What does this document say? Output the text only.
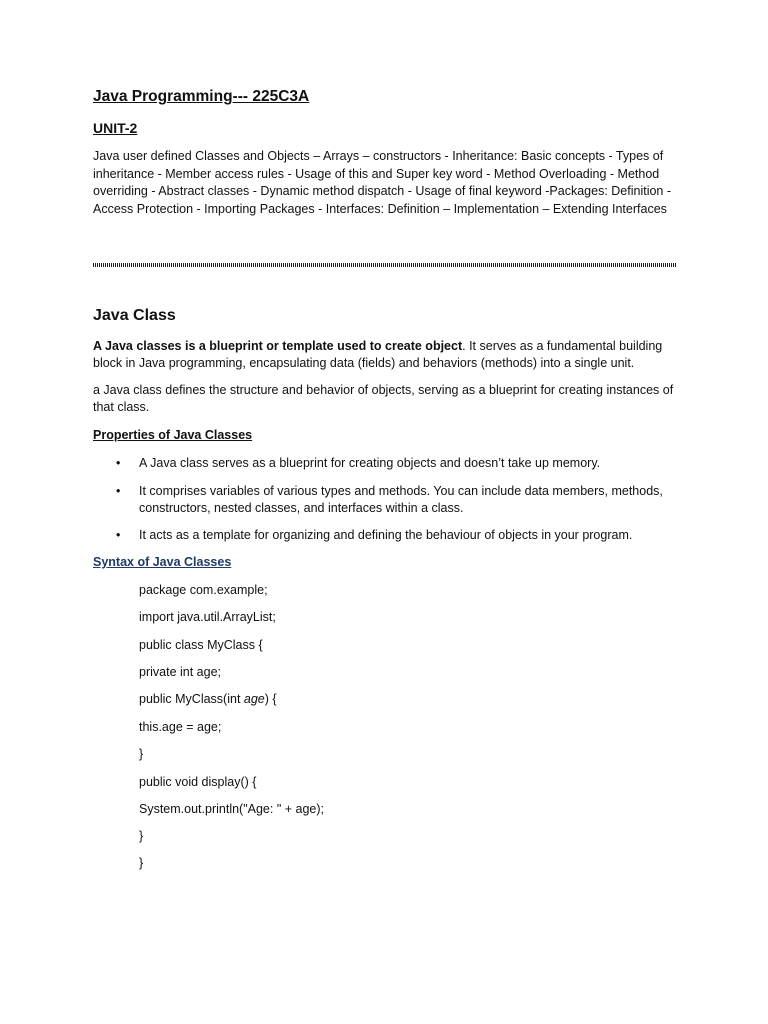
Java Programming--- 225C3A
UNIT-2
Java user defined Classes and Objects – Arrays – constructors - Inheritance: Basic concepts - Types of inheritance - Member access rules - Usage of this and Super key word - Method Overloading - Method overriding - Abstract classes - Dynamic method dispatch - Usage of final keyword -Packages: Definition - Access Protection - Importing Packages - Interfaces: Definition – Implementation – Extending Interfaces
Java Class
A Java classes is a blueprint or template used to create object. It serves as a fundamental building block in Java programming, encapsulating data (fields) and behaviors (methods) into a single unit.
a Java class defines the structure and behavior of objects, serving as a blueprint for creating instances of that class.
Properties of Java Classes
• A Java class serves as a blueprint for creating objects and doesn’t take up memory.
• It comprises variables of various types and methods. You can include data members, methods, constructors, nested classes, and interfaces within a class.
• It acts as a template for organizing and defining the behaviour of objects in your program.
Syntax of Java Classes
package com.example;
import java.util.ArrayList;
public class MyClass {
private int age;
public MyClass(int age) {
this.age = age;
}
public void display() {
System.out.println("Age: " + age);
}
}
